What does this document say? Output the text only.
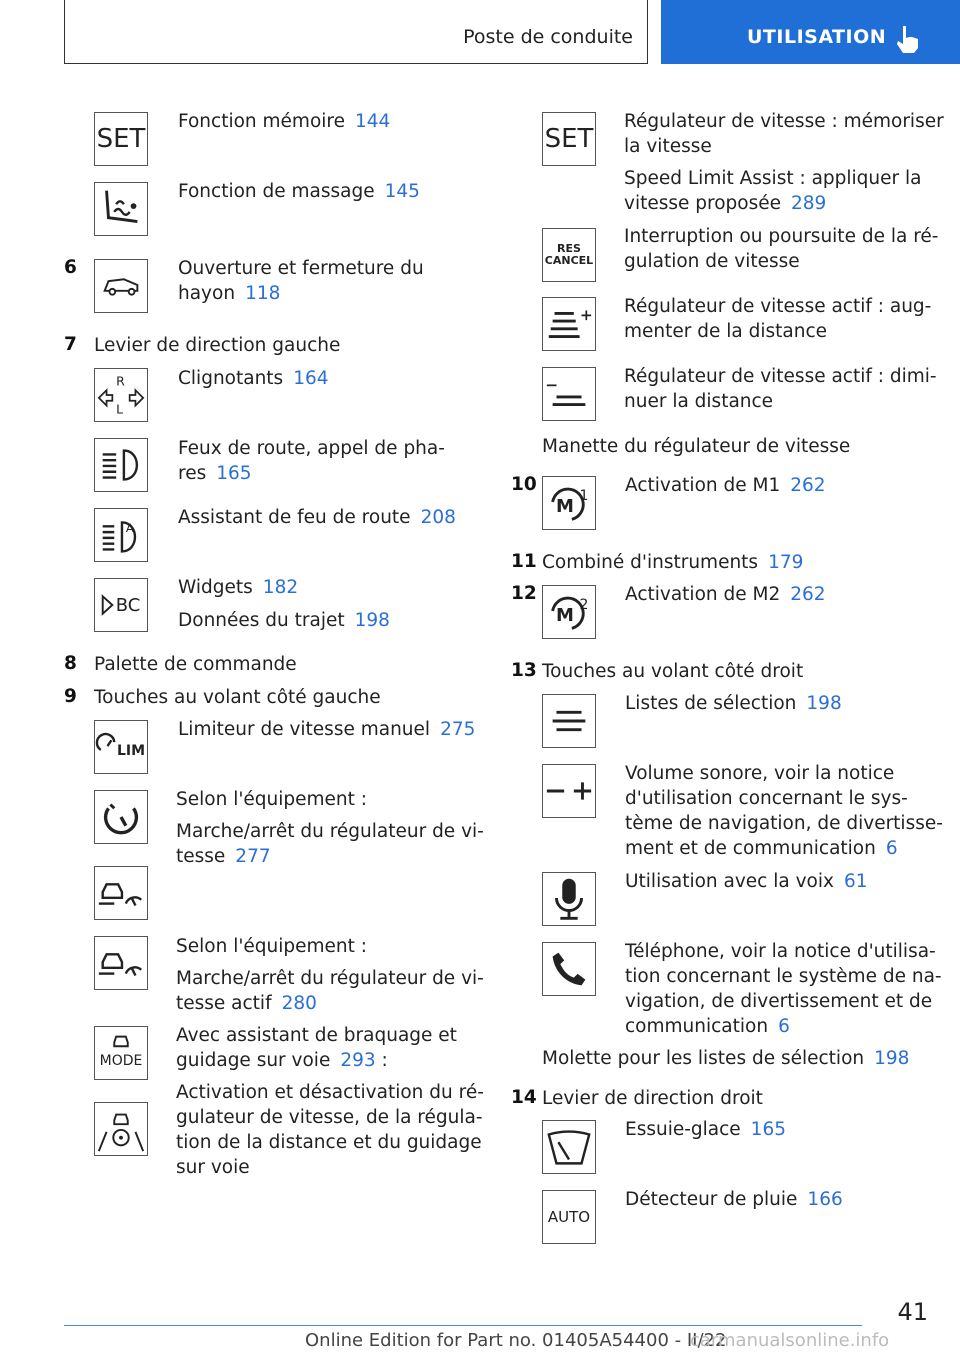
Poste de conduite	UTILISATION
SET
Fonction mémoire 144
Fonction de massage 145
6	Ouverture et fermeture du
hayon 118
7 Levier de direction gauche
R
L
Clignotants 164
Feux de route, appel de pha-
res 165
A
Assistant de feu de route 208
BC
Widgets 182
Données du trajet 198
8 Palette de commande
9 Touches au volant côté gauche
LIM
Limiteur de vitesse manuel 275
Selon l'équipement :
Marche/arrêt du régulateur de vi-
tesse 277
Selon l'équipement :
Marche/arrêt du régulateur de vi-
tesse actif 280
MODE
Avec assistant de braquage et
guidage sur voie 293 :
Activation et désactivation du ré-
gulateur de vitesse, de la régula-
tion de la distance et du guidage
sur voie
SET
Régulateur de vitesse : mémoriser
la vitesse
Speed Limit Assist : appliquer la
vitesse proposée 289
RES
CANCEL
Interruption ou poursuite de la ré-
gulation de vitesse
Régulateur de vitesse actif : aug-
menter de la distance
Régulateur de vitesse actif : dimi-
nuer la distance
Manette du régulateur de vitesse
10
M 1	Activation de M1 262
11 Combiné d'instruments 179
12
M 2	Activation de M2 262
13 Touches au volant côté droit
Listes de sélection 198
Volume sonore, voir la notice
d'utilisation concernant le sys-
tème de navigation, de divertisse-
ment et de communication 6
Utilisation avec la voix 61
Téléphone, voir la notice d'utilisa-
tion concernant le système de na-
vigation, de divertissement et de
communication 6
Molette pour les listes de sélection 198
14 Levier de direction droit
Essuie-glace 165
AUTO
Détecteur de pluie 166
41
Online Edition for Part no. 01405A54400 - II/22
carmanualsonline.info
